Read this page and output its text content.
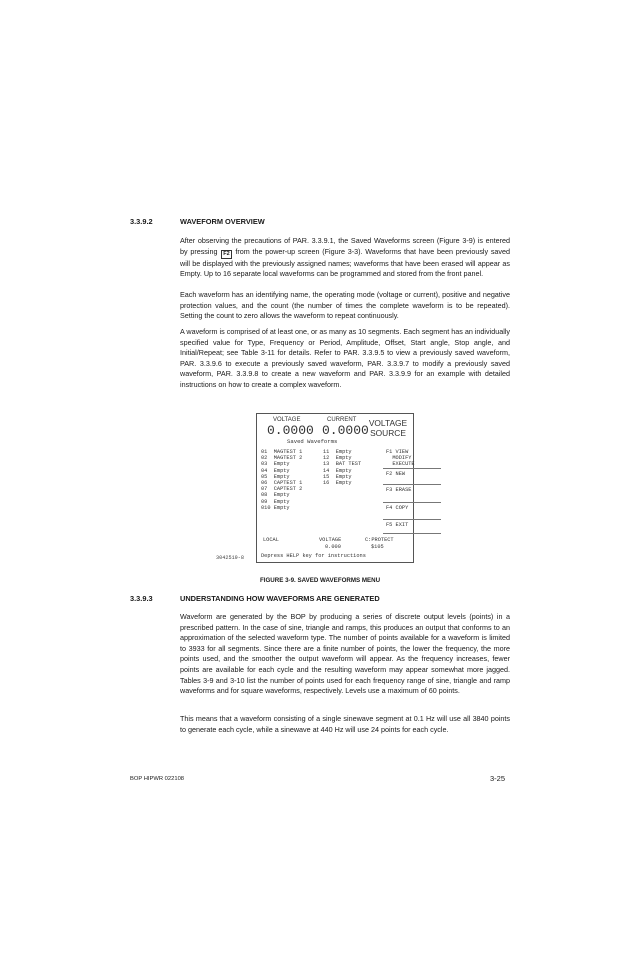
3.3.9.2	WAVEFORM OVERVIEW

After observing the precautions of PAR. 3.3.9.1, the Saved Waveforms screen (Figure 3-9) is entered by pressing F2 from the power-up screen (Figure 3-3). Waveforms that have been previously saved will be displayed with the previously assigned names; waveforms that have been erased will appear as Empty. Up to 16 separate local waveforms can be programmed and stored from the front panel.

Each waveform has an identifying name, the operating mode (voltage or current), positive and negative protection values, and the count (the number of times the complete waveform is to be repeated). Setting the count to zero allows the waveform to repeat continuously.

A waveform is comprised of at least one, or as many as 10 segments. Each segment has an individually specified value for Type, Frequency or Period, Amplitude, Offset, Start angle, Stop angle, and Initial/Repeat; see Table 3-11 for details. Refer to PAR. 3.3.9.5 to view a previously saved waveform, PAR. 3.3.9.6 to execute a previously saved waveform, PAR. 3.3.9.7 to modify a previously saved waveform, PAR. 3.3.9.8 to create a new waveform and PAR. 3.3.9.9 for an example with detailed instructions on how to create a complex waveform.

VOLTAGE	CURRENT
0.0000 0.0000 VOLTAGE
SOURCE
Saved Waveforms
01  MAGTEST 1
02  MAGTEST 2
03  Empty
04  Empty
05  Empty
06  CAPTEST 1
07  CAPTEST 2
08  Empty
09  Empty
010 Empty
11  Empty
12  Empty
13  BAT TEST
14  Empty
15  Empty
16  Empty
F1 VIEW
MODIFY
EXECUTE
F2 NEW
F3 ERASE
F4 COPY
F5 EXIT
LOCAL	VOLTAGE
0.000
C:PROTECT
$105
Depress HELP key for instructions
3042519-8
FIGURE 3-9. SAVED WAVEFORMS MENU
3.3.9.3	UNDERSTANDING HOW WAVEFORMS ARE GENERATED

Waveform are generated by the BOP by producing a series of discrete output levels (points) in a prescribed pattern. In the case of sine, triangle and ramps, this produces an output that conforms to an approximation of the selected waveform type. The number of points available for a waveform is limited to 3933 for all segments. Since there are a finite number of points, the lower the frequency, the more points used, and the smoother the output waveform will appear. As the frequency increases, fewer points are available for each cycle and the resulting waveform may appear somewhat more jagged. Tables 3-9 and 3-10 list the number of points used for each frequency range of sine, triangle and ramp waveforms and for square waveforms, respectively. Levels use a maximum of 60 points.

This means that a waveform consisting of a single sinewave segment at 0.1 Hz will use all 3840 points to generate each cycle, while a sinewave at 440 Hz will use 24 points for each cycle.

BOP HIPWR 022108	3-25
